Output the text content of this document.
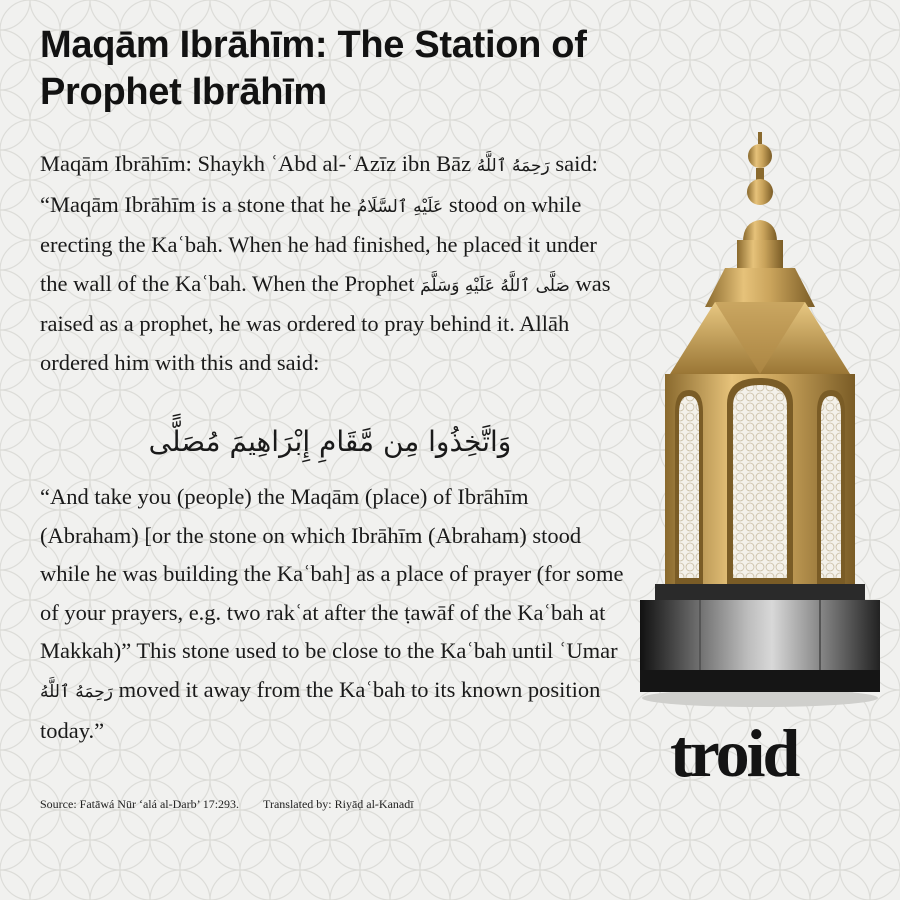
Maqām Ibrāhīm: The Station of Prophet Ibrāhīm
Maqām Ibrāhīm: Shaykh ʿAbd al-ʿAzīz ibn Bāz رَحِمَهُ ٱللَّهُ said: “Maqām Ibrāhīm is a stone that he عَلَيْهِ ٱلسَّلَامُ stood on while erecting the Kaʿbah. When he had finished, he placed it under the wall of the Kaʿbah. When the Prophet صَلَّى ٱللَّهُ عَلَيْهِ وَسَلَّمَ was raised as a prophet, he was ordered to pray behind it. Allāh ordered him with this and said:
وَاتَّخِذُوا مِن مَّقَامِ إِبْرَاهِيمَ مُصَلًّى
“And take you (people) the Maqām (place) of Ibrāhīm (Abraham) [or the stone on which Ibrāhīm (Abraham) stood while he was building the Kaʿbah] as a place of prayer (for some of your prayers, e.g. two rakʿat after the ṭawāf of the Kaʿbah at Makkah)” This stone used to be close to the Kaʿbah until ʿUmar رَحِمَهُ ٱللَّهُ moved it away from the Kaʿbah to its known position today.”
Source: Fatāwá Nūr ‘alá al-Darb’ 17:293. Translated by: Riyāḍ al-Kanadī
troid
